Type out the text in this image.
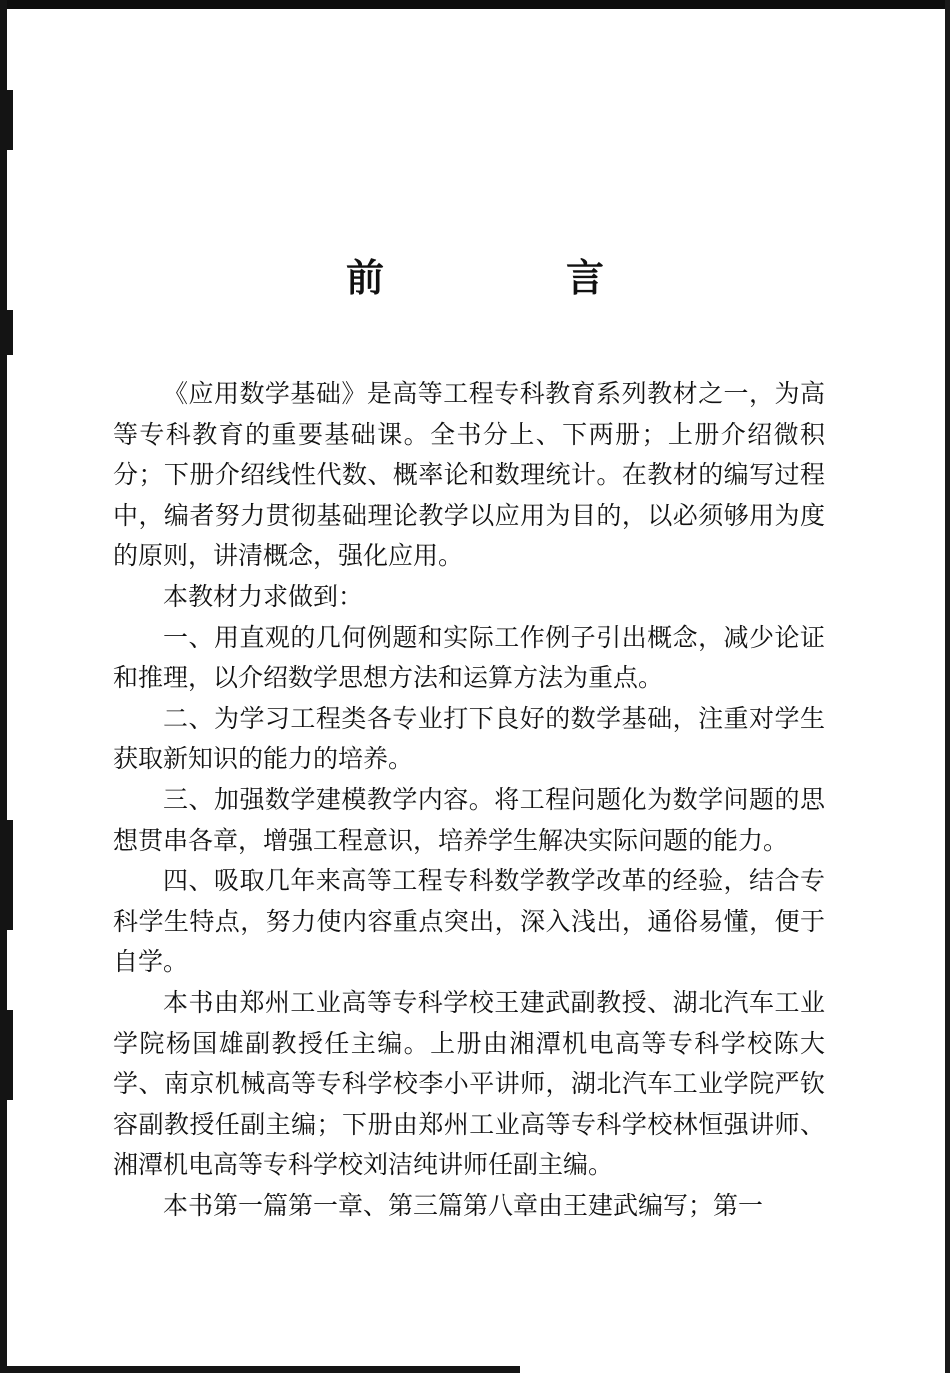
前　言

《应用数学基础》是高等工程专科教育系列教材之一，为高等专科教育的重要基础课。全书分上、下两册；上册介绍微积分；下册介绍线性代数、概率论和数理统计。在教材的编写过程中，编者努力贯彻基础理论教学以应用为目的，以必须够用为度的原则，讲清概念，强化应用。

本教材力求做到：

一、用直观的几何例题和实际工作例子引出概念，减少论证和推理，以介绍数学思想方法和运算方法为重点。

二、为学习工程类各专业打下良好的数学基础，注重对学生获取新知识的能力的培养。

三、加强数学建模教学内容。将工程问题化为数学问题的思想贯串各章，增强工程意识，培养学生解决实际问题的能力。

四、吸取几年来高等工程专科数学教学改革的经验，结合专科学生特点，努力使内容重点突出，深入浅出，通俗易懂，便于自学。

本书由郑州工业高等专科学校王建武副教授、湖北汽车工业学院杨国雄副教授任主编。上册由湘潭机电高等专科学校陈大学、南京机械高等专科学校李小平讲师，湖北汽车工业学院严钦容副教授任副主编；下册由郑州工业高等专科学校林恒强讲师、湘潭机电高等专科学校刘洁纯讲师任副主编。

本书第一篇第一章、第三篇第八章由王建武编写；第一
